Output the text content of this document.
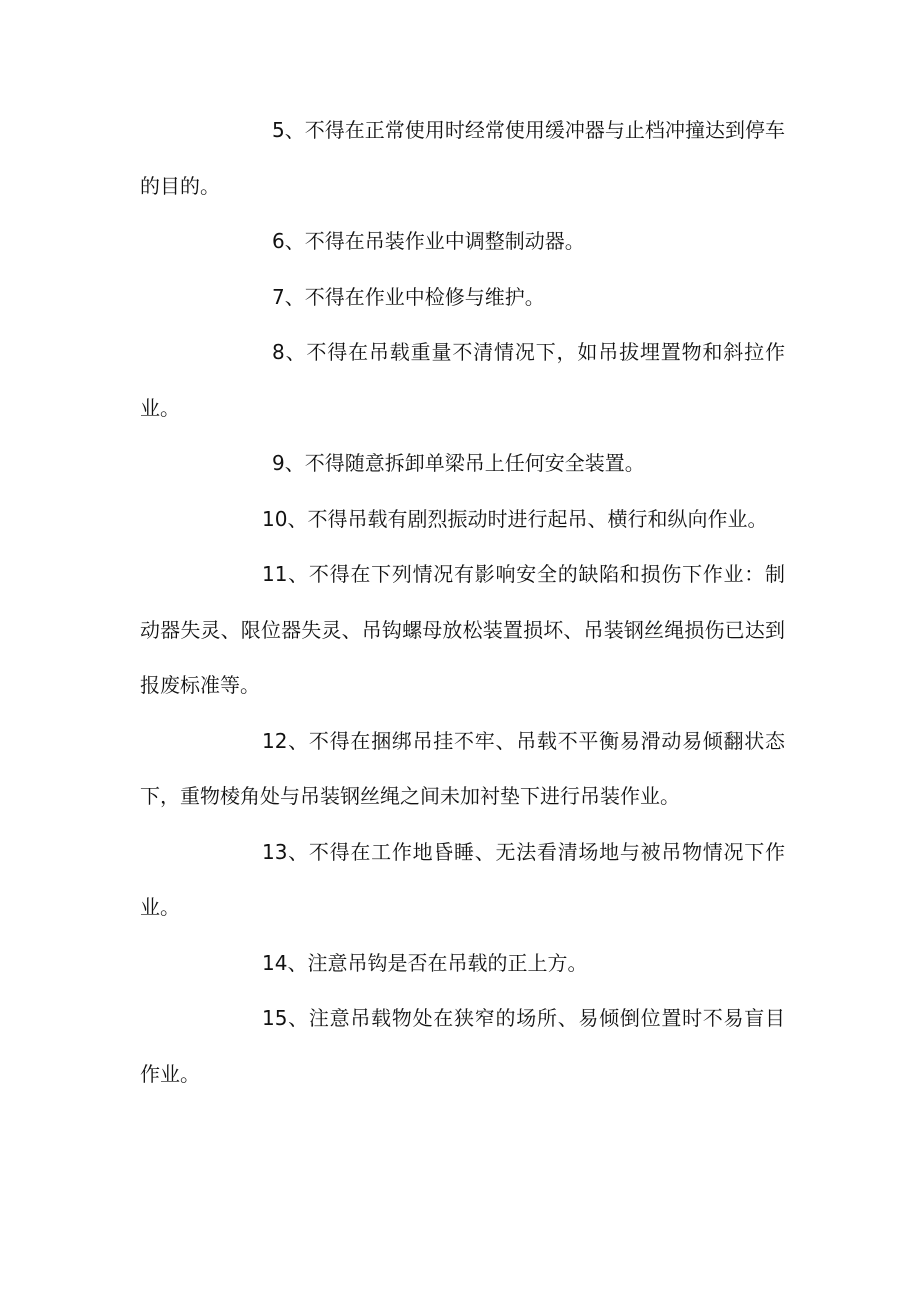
5、不得在正常使用时经常使用缓冲器与止档冲撞达到停车的目的。

6、不得在吊装作业中调整制动器。

7、不得在作业中检修与维护。

8、不得在吊载重量不清情况下，如吊拔埋置物和斜拉作业。

9、不得随意拆卸单梁吊上任何安全装置。

10、不得吊载有剧烈振动时进行起吊、横行和纵向作业。

11、不得在下列情况有影响安全的缺陷和损伤下作业：制动器失灵、限位器失灵、吊钩螺母放松装置损坏、吊装钢丝绳损伤已达到报废标准等。

12、不得在捆绑吊挂不牢、吊载不平衡易滑动易倾翻状态下，重物棱角处与吊装钢丝绳之间未加衬垫下进行吊装作业。

13、不得在工作地昏睡、无法看清场地与被吊物情况下作业。

14、注意吊钩是否在吊载的正上方。

15、注意吊载物处在狭窄的场所、易倾倒位置时不易盲目作业。
